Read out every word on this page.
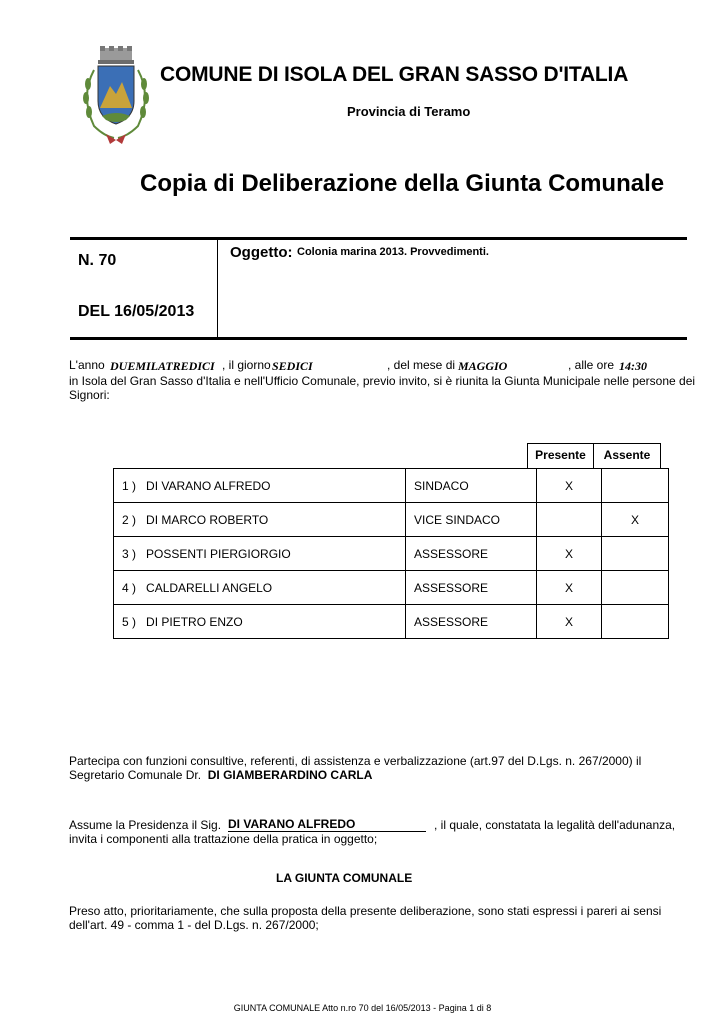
COMUNE DI ISOLA DEL GRAN SASSO D'ITALIA
Provincia di Teramo
Copia di Deliberazione della Giunta Comunale
N. 70
DEL 16/05/2013
Oggetto: Colonia marina 2013. Provvedimenti.
L'anno DUEMILATREDICI , il giorno SEDICI	, del mese di MAGGIO	, alle ore 14:30
in Isola del Gran Sasso d'Italia e nell'Ufficio Comunale, previo invito, si è riunita la Giunta Municipale nelle persone dei
Signori:
Presente	Assente
1 ) DI VARANO ALFREDO	SINDACO	X	
2 ) DI MARCO ROBERTO	VICE SINDACO		X
3 ) POSSENTI PIERGIORGIO	ASSESSORE	X	
4 ) CALDARELLI ANGELO	ASSESSORE	X	
5 ) DI PIETRO ENZO	ASSESSORE	X	
Partecipa con funzioni consultive, referenti, di assistenza e verbalizzazione (art.97 del D.Lgs. n. 267/2000) il
Segretario Comunale Dr. DI GIAMBERARDINO CARLA
Assume la Presidenza il Sig. DI VARANO ALFREDO	, il quale, constatata la legalità dell'adunanza,
invita i componenti alla trattazione della pratica in oggetto;
LA GIUNTA COMUNALE
Preso atto, prioritariamente, che sulla proposta della presente deliberazione, sono stati espressi i pareri ai sensi
dell'art. 49 - comma 1 - del D.Lgs. n. 267/2000;
GIUNTA COMUNALE Atto n.ro 70 del 16/05/2013 - Pagina 1 di 8
